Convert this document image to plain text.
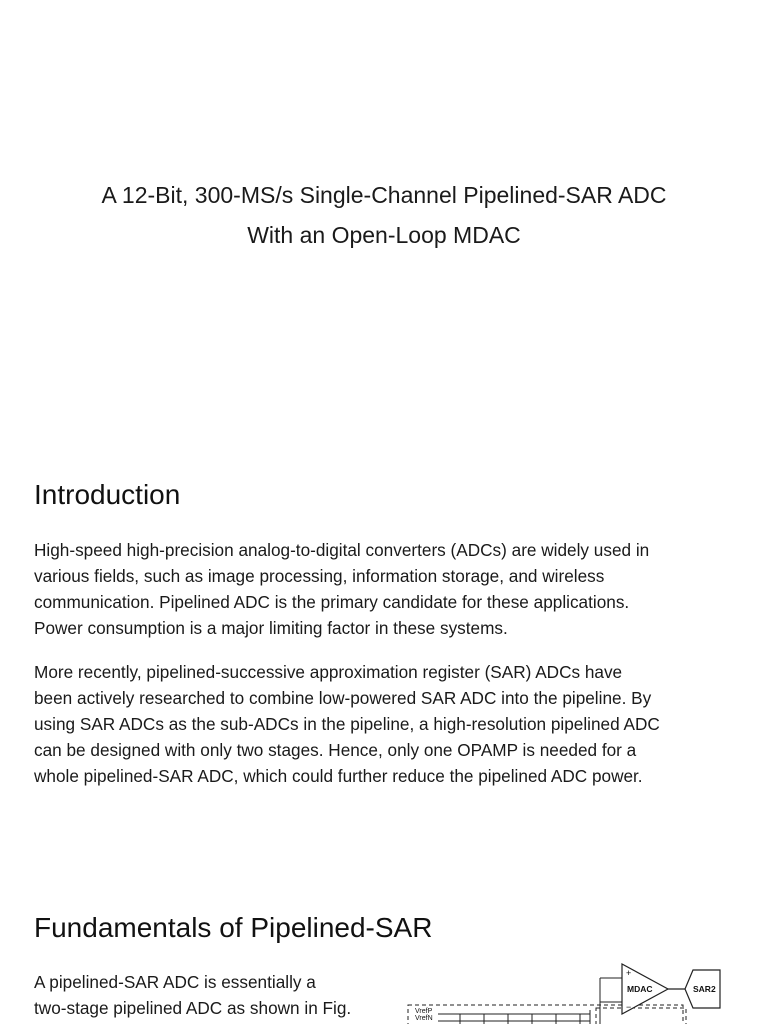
A 12-Bit, 300-MS/s Single-Channel Pipelined-SAR ADC
With an Open-Loop MDAC
Introduction
High-speed high-precision analog-to-digital converters (ADCs) are widely used in
various fields, such as image processing, information storage, and wireless
communication. Pipelined ADC is the primary candidate for these applications.
Power consumption is a major limiting factor in these systems.
More recently, pipelined-successive approximation register (SAR) ADCs have
been actively researched to combine low-powered SAR ADC into the pipeline. By
using SAR ADCs as the sub-ADCs in the pipeline, a high-resolution pipelined ADC
can be designed with only two stages. Hence, only one OPAMP is needed for a
whole pipelined-SAR ADC, which could further reduce the pipelined ADC power.
Fundamentals of Pipelined-SAR
A pipelined-SAR ADC is essentially a
two-stage pipelined ADC as shown in Fig.	VrefP
VrefN
+
−
MDAC	SAR2
